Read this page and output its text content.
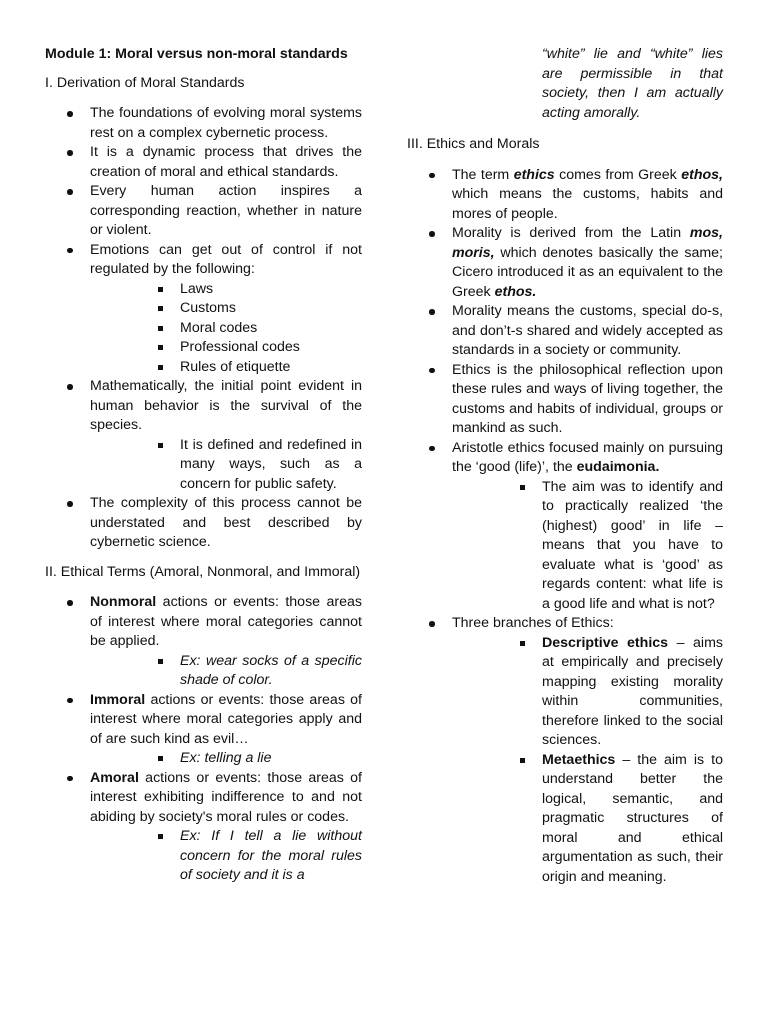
Module 1: Moral versus non-moral standards
I. Derivation of Moral Standards
The foundations of evolving moral systems rest on a complex cybernetic process.
It is a dynamic process that drives the creation of moral and ethical standards.
Every human action inspires a corresponding reaction, whether in nature or violent.
Emotions can get out of control if not regulated by the following:
Laws
Customs
Moral codes
Professional codes
Rules of etiquette
Mathematically, the initial point evident in human behavior is the survival of the species.
It is defined and redefined in many ways, such as a concern for public safety.
The complexity of this process cannot be understated and best described by cybernetic science.
II. Ethical Terms (Amoral, Nonmoral, and Immoral)
Nonmoral actions or events: those areas of interest where moral categories cannot be applied.
Ex: wear socks of a specific shade of color.
Immoral actions or events: those areas of interest where moral categories apply and of are such kind as evil…
Ex: telling a lie
Amoral actions or events: those areas of interest exhibiting indifference to and not abiding by society's moral rules or codes.
Ex: If I tell a lie without concern for the moral rules of society and it is a
“white” lie and “white” lies are permissible in that society, then I am actually acting amorally.
III. Ethics and Morals
The term ethics comes from Greek ethos, which means the customs, habits and mores of people.
Morality is derived from the Latin mos, moris, which denotes basically the same; Cicero introduced it as an equivalent to the Greek ethos.
Morality means the customs, special do-s, and don’t-s shared and widely accepted as standards in a society or community.
Ethics is the philosophical reflection upon these rules and ways of living together, the customs and habits of individual, groups or mankind as such.
Aristotle ethics focused mainly on pursuing the ‘good (life)’, the eudaimonia.
The aim was to identify and to practically realized ‘the (highest) good’ in life – means that you have to evaluate what is ‘good’ as regards content: what life is a good life and what is not?
Three branches of Ethics:
Descriptive ethics – aims at empirically and precisely mapping existing morality within communities, therefore linked to the social sciences.
Metaethics – the aim is to understand better the logical, semantic, and pragmatic structures of moral and ethical argumentation as such, their origin and meaning.
